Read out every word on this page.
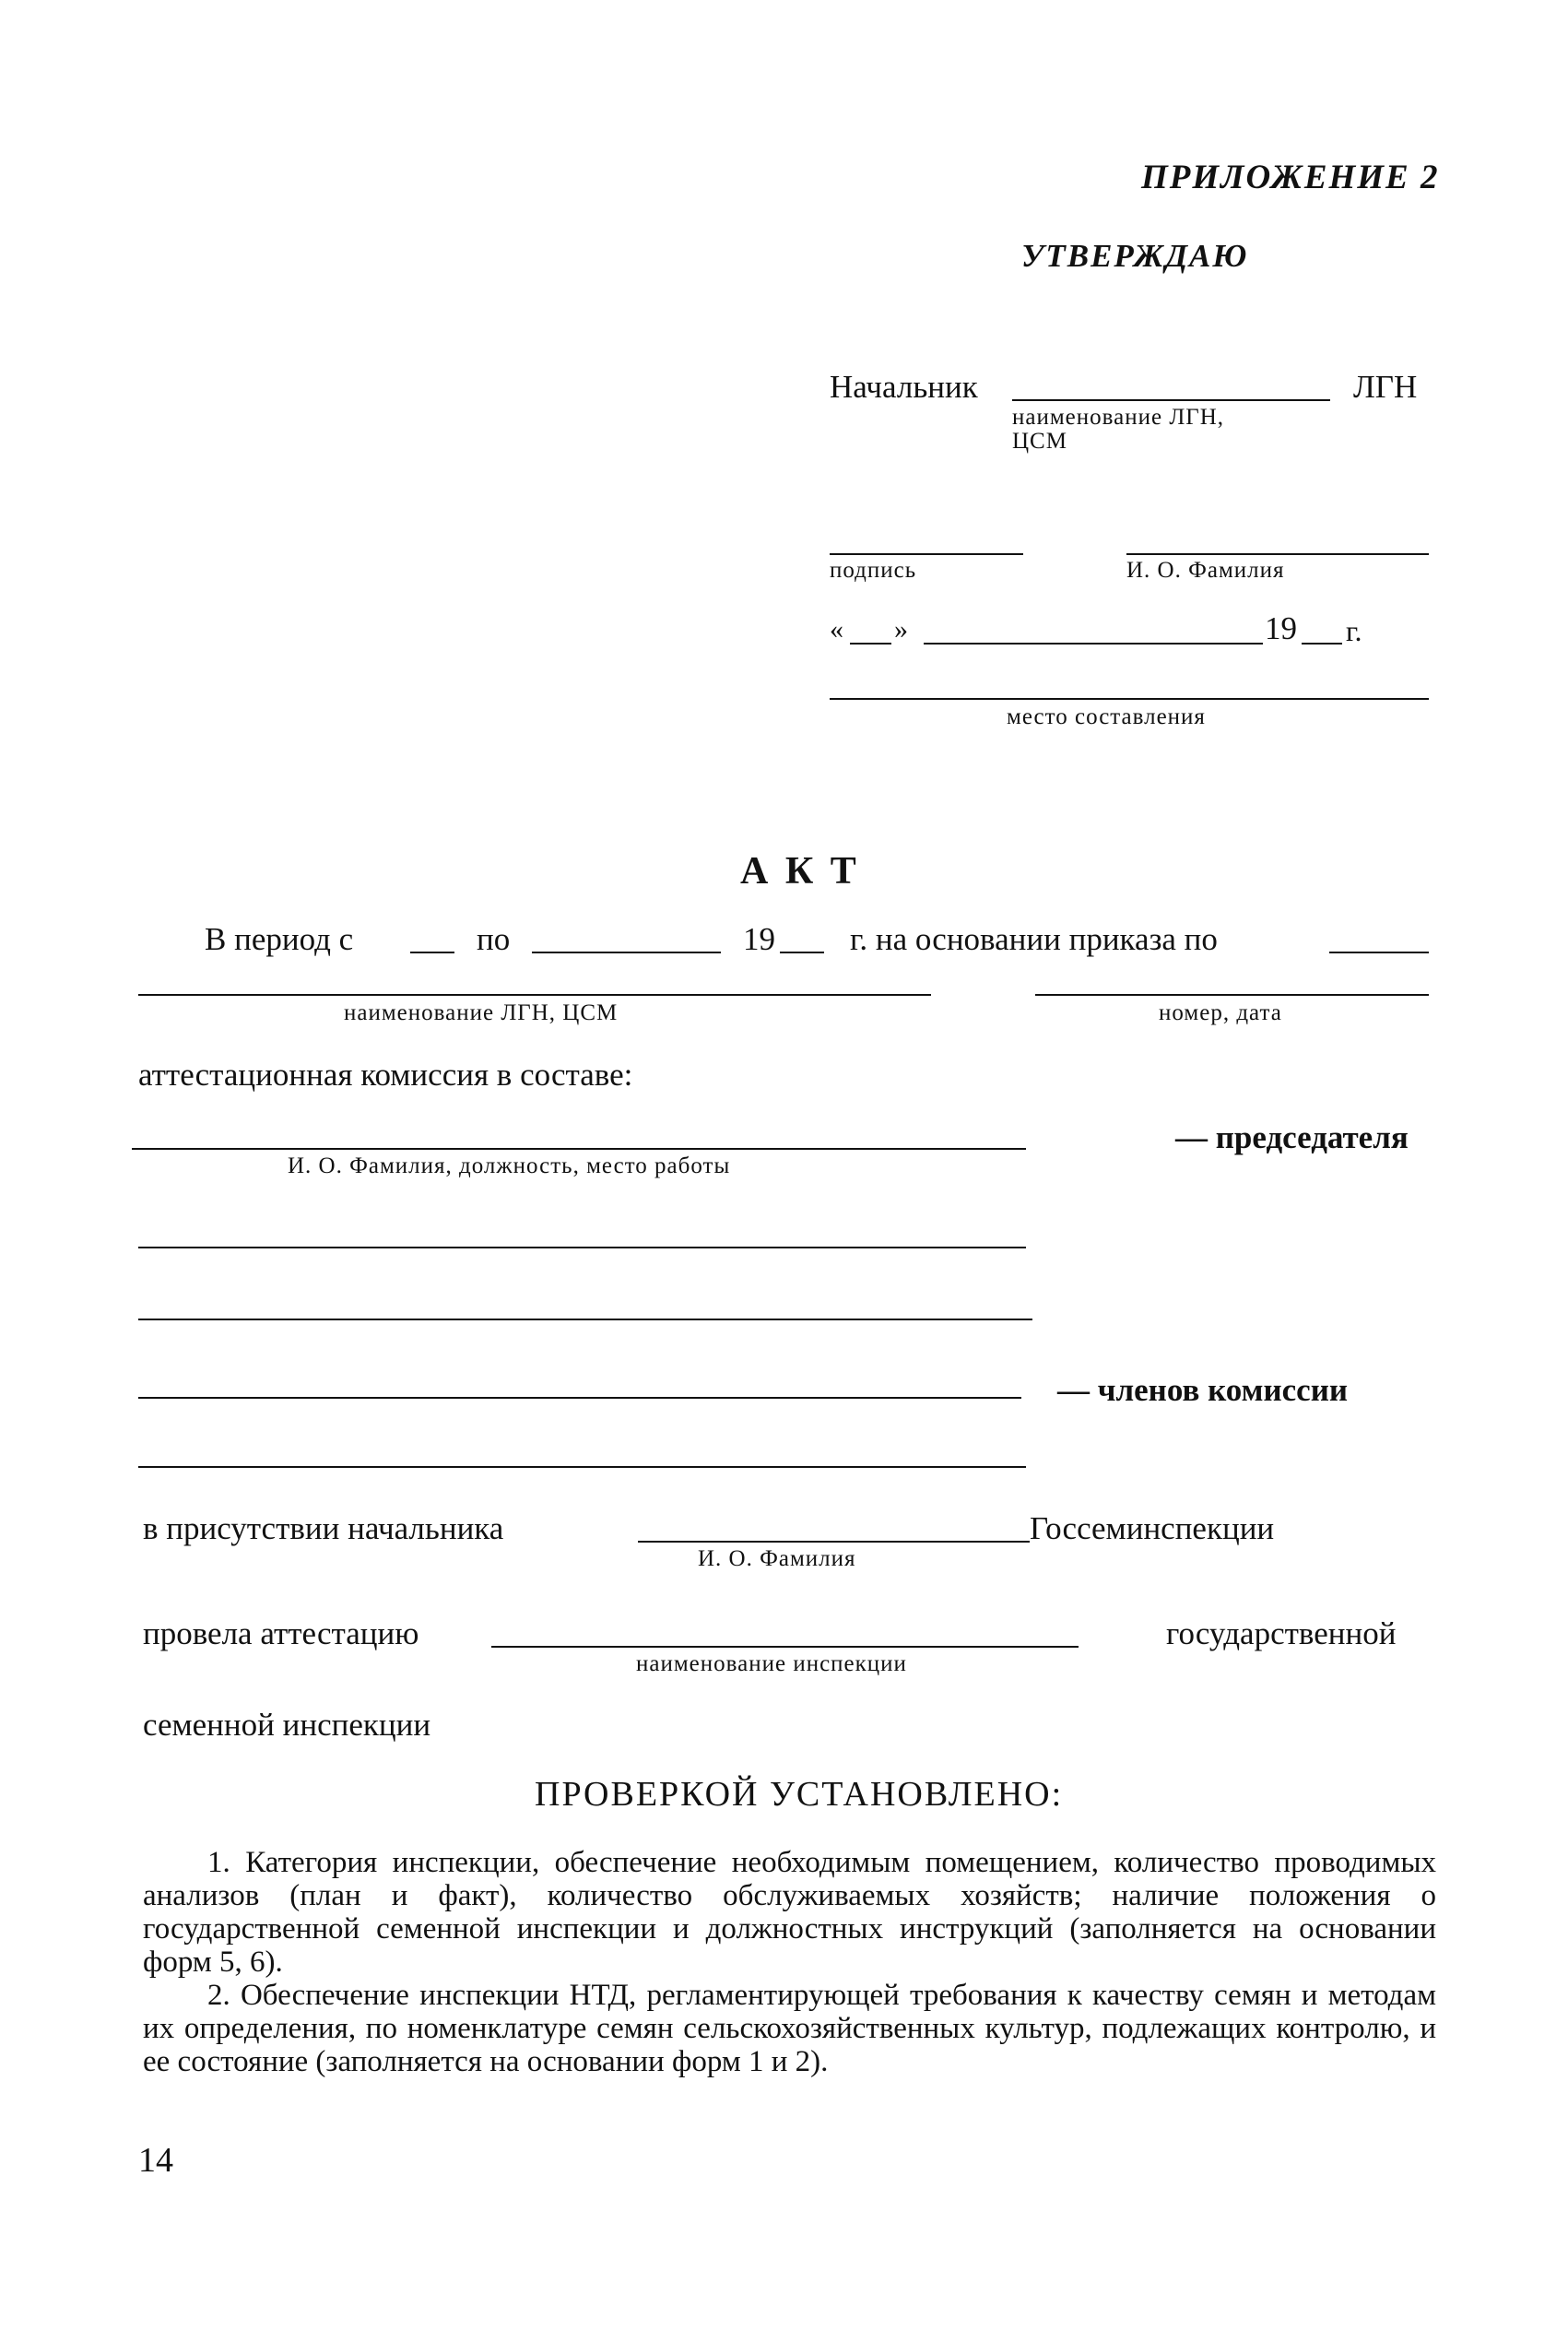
ПРИЛОЖЕНИЕ 2
УТВЕРЖДАЮ
Начальник	ЛГН
наименование ЛГН,
ЦСМ
подпись	И. О. Фамилия
« »	19 г.
место составления
А К Т
В период с	по	19 г. на основании приказа по
наименование ЛГН, ЦСМ	номер, дата
аттестационная комиссия в составе:
И. О. Фамилия, должность, место работы
— председателя
— членов комиссии
в присутствии начальника	Госсеминспекции
И. О. Фамилия
провела аттестацию	государственной
наименование инспекции
семенной инспекции
ПРОВЕРКОЙ УСТАНОВЛЕНО:
1. Категория инспекции, обеспечение необходимым помещением, количество проводимых анализов (план и факт), количество обслуживаемых хозяйств; наличие положения о государственной семенной инспекции и должностных инструкций (заполняется на основании форм 5, 6).
2. Обеспечение инспекции НТД, регламентирующей требования к качеству семян и методам их определения, по номенклатуре семян сельскохозяйственных культур, подлежащих контролю, и ее состояние (заполняется на основании форм 1 и 2).
14
